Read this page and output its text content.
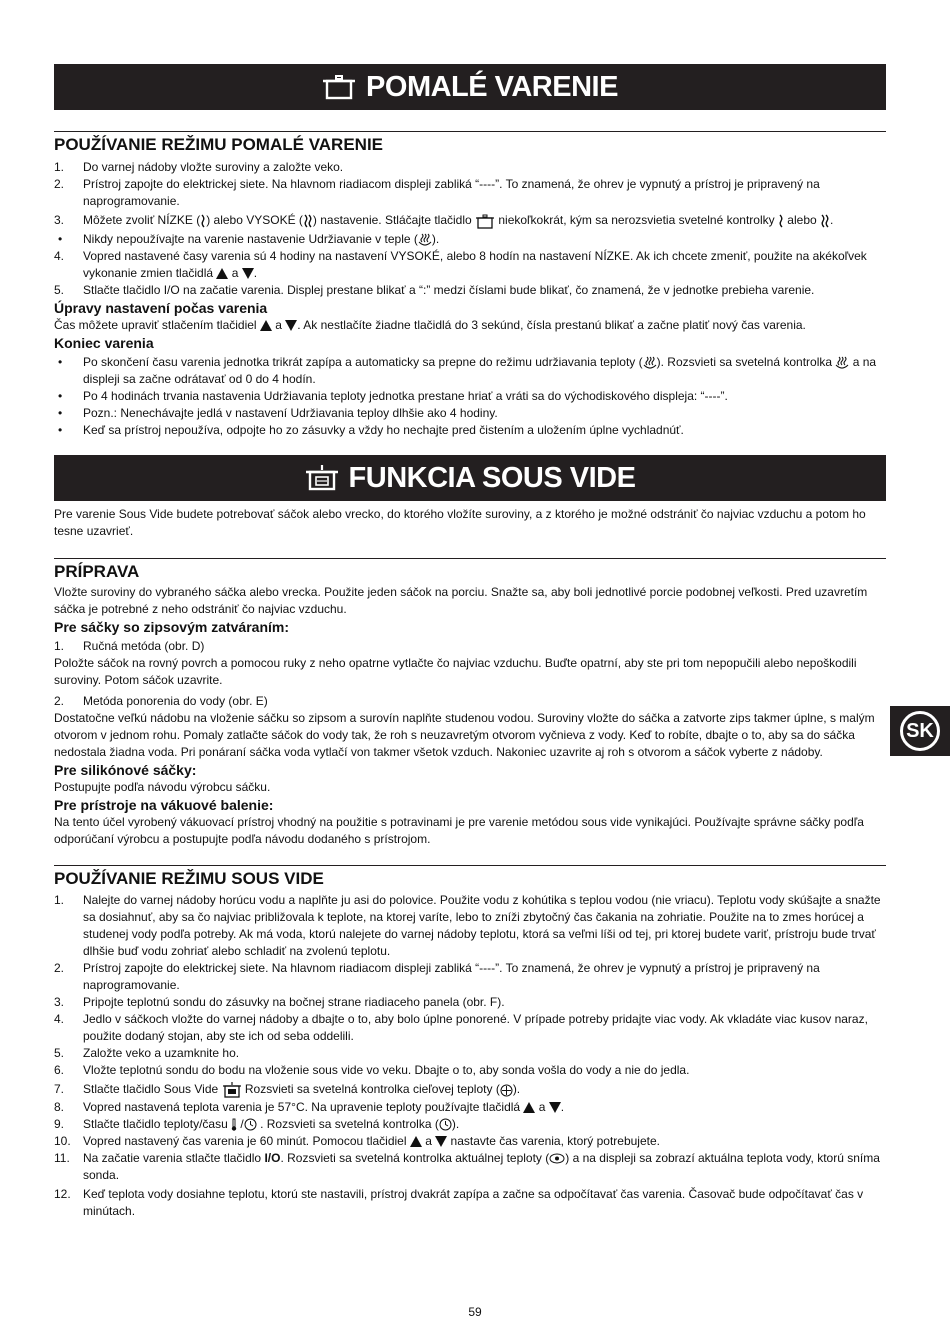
POMALÉ VARENIE
POUŽÍVANIE REŽIMU POMALÉ VARENIE
1.	Do varnej nádoby vložte suroviny a založte veko.
2.	Prístroj zapojte do elektrickej siete. Na hlavnom riadiacom displeji zabliká “----”. To znamená, že ohrev je vypnutý a prístroj je pripravený na naprogramovanie.
3.	Môžete zvoliť NÍZKE ( ) alebo VYSOKÉ ( ) nastavenie. Stláčajte tlačidlo  niekoľkokrát, kým sa nerozsvietia svetelné kontrolky  alebo .
•	Nikdy nepoužívajte na varenie nastavenie Udržiavanie v teple ( ).
4.	Vopred nastavené časy varenia sú 4 hodiny na nastavení VYSOKÉ, alebo 8 hodín na nastavení NÍZKE. Ak ich chcete zmeniť, použite na akékoľvek vykonanie zmien tlačidlá  a .
5.	Stlačte tlačidlo I/O na začatie varenia. Displej prestane blikať a “:” medzi číslami bude blikať, čo znamená, že v jednotke prebieha varenie.
Úpravy nastavení počas varenia
Čas môžete upraviť stlačením tlačidiel  a . Ak nestlačíte žiadne tlačidlá do 3 sekúnd, čísla prestanú blikať a začne platiť nový čas varenia.
Koniec varenia
•	Po skončení času varenia jednotka trikrát zapípa a automaticky sa prepne do režimu udržiavania teploty ( ). Rozsvieti sa svetelná kontrolka  a na displeji sa začne odrátavať od 0 do 4 hodín.
•	Po 4 hodinách trvania nastavenia Udržiavania teploty jednotka prestane hriať a vráti sa do východiskového displeja: “----”.
•	Pozn.: Nenechávajte jedlá v nastavení Udržiavania teploy dlhšie ako 4 hodiny.
•	Keď sa prístroj nepoužíva, odpojte ho zo zásuvky a vždy ho nechajte pred čistením a uložením úplne vychladnúť.
FUNKCIA SOUS VIDE
Pre varenie Sous Vide budete potrebovať sáčok alebo vrecko, do ktorého vložíte suroviny, a z ktorého je možné odstrániť čo najviac vzduchu a potom ho tesne uzavrieť.
PRÍPRAVA
Vložte suroviny do vybraného sáčka alebo vrecka. Použite jeden sáčok na porciu. Snažte sa, aby boli jednotlivé porcie podobnej veľkosti. Pred uzavretím sáčka je potrebné z neho odstrániť čo najviac vzduchu.
Pre sáčky so zipsovým zatváraním:
1.	Ručná metóda (obr. D)
Položte sáčok na rovný povrch a pomocou ruky z neho opatrne vytlačte čo najviac vzduchu. Buďte opatrní, aby ste pri tom nepopučili alebo nepoškodili suroviny. Potom sáčok uzavrite.
2.	Metóda ponorenia do vody (obr. E)
Dostatočne veľkú nádobu na vloženie sáčku so zipsom a surovín naplňte studenou vodou. Suroviny vložte do sáčka a zatvorte zips takmer úplne, s malým otvorom v jednom rohu. Pomaly zatlačte sáčok do vody tak, že roh s neuzavretým otvorom vyčnieva z vody. Keď to robíte, dbajte o to, aby sa do sáčka nedostala žiadna voda. Pri ponáraní sáčka voda vytlačí von takmer všetok vzduch. Nakoniec uzavrite aj roh s otvorom a sáčok vyberte z nádoby.
Pre silikónové sáčky:
Postupujte podľa návodu výrobcu sáčku.
Pre prístroje na vákuové balenie:
Na tento účel vyrobený vákuovací prístroj vhodný na použitie s potravinami je pre varenie metódou sous vide vynikajúci. Používajte správne sáčky podľa odporúčaní výrobcu a postupujte podľa návodu dodaného s prístrojom.
POUŽÍVANIE REŽIMU SOUS VIDE
1.	Nalejte do varnej nádoby horúcu vodu a naplňte ju asi do polovice. Použite vodu z kohútika s teplou vodou (nie vriacu). Teplotu vody skúšajte a snažte sa dosiahnuť, aby sa čo najviac približovala k teplote, na ktorej varíte, lebo to zníži zbytočný čas čakania na zohriatie. Použite na to zmes horúcej a studenej vody podľa potreby. Ak má voda, ktorú nalejete do varnej nádoby teplotu, ktorá sa veľmi líši od tej, pri ktorej budete variť, prístroju bude trvať dlhšie buď vodu zohriať alebo schladiť na zvolenú teplotu.
2.	Prístroj zapojte do elektrickej siete. Na hlavnom riadiacom displeji zabliká “----”. To znamená, že ohrev je vypnutý a prístroj je pripravený na naprogramovanie.
3.	Pripojte teplotnú sondu do zásuvky na bočnej strane riadiaceho panela (obr. F).
4.	Jedlo v sáčkoch vložte do varnej nádoby a dbajte o to, aby bolo úplne ponorené. V prípade potreby pridajte viac vody. Ak vkladáte viac kusov naraz, použite dodaný stojan, aby ste ich od seba oddelili.
5.	Založte veko a uzamknite ho.
6.	Vložte teplotnú sondu do bodu na vloženie sous vide vo veku. Dbajte o to, aby sonda vošla do vody a nie do jedla.
7.	Stlačte tlačidlo Sous Vide  Rozsvieti sa svetelná kontrolka cieľovej teploty ( ).
8.	Vopred nastavená teplota varenia je 57°C. Na upravenie teploty používajte tlačidlá  a .
9.	Stlačte tlačidlo teploty/času  / . Rozsvieti sa svetelná kontrolka ( ).
10.	Vopred nastavený čas varenia je 60 minút. Pomocou tlačidiel  a  nastavte čas varenia, ktorý potrebujete.
11.	Na začatie varenia stlačte tlačidlo I/O. Rozsvieti sa svetelná kontrolka aktuálnej teploty ( ) a na displeji sa zobrazí aktuálna teplota vody, ktorú sníma sonda.
12.	Keď teplota vody dosiahne teplotu, ktorú ste nastavili, prístroj dvakrát zapípa a začne sa odpočítavať čas varenia. Časovač bude odpočítavať čas v minútach.
SK
59
